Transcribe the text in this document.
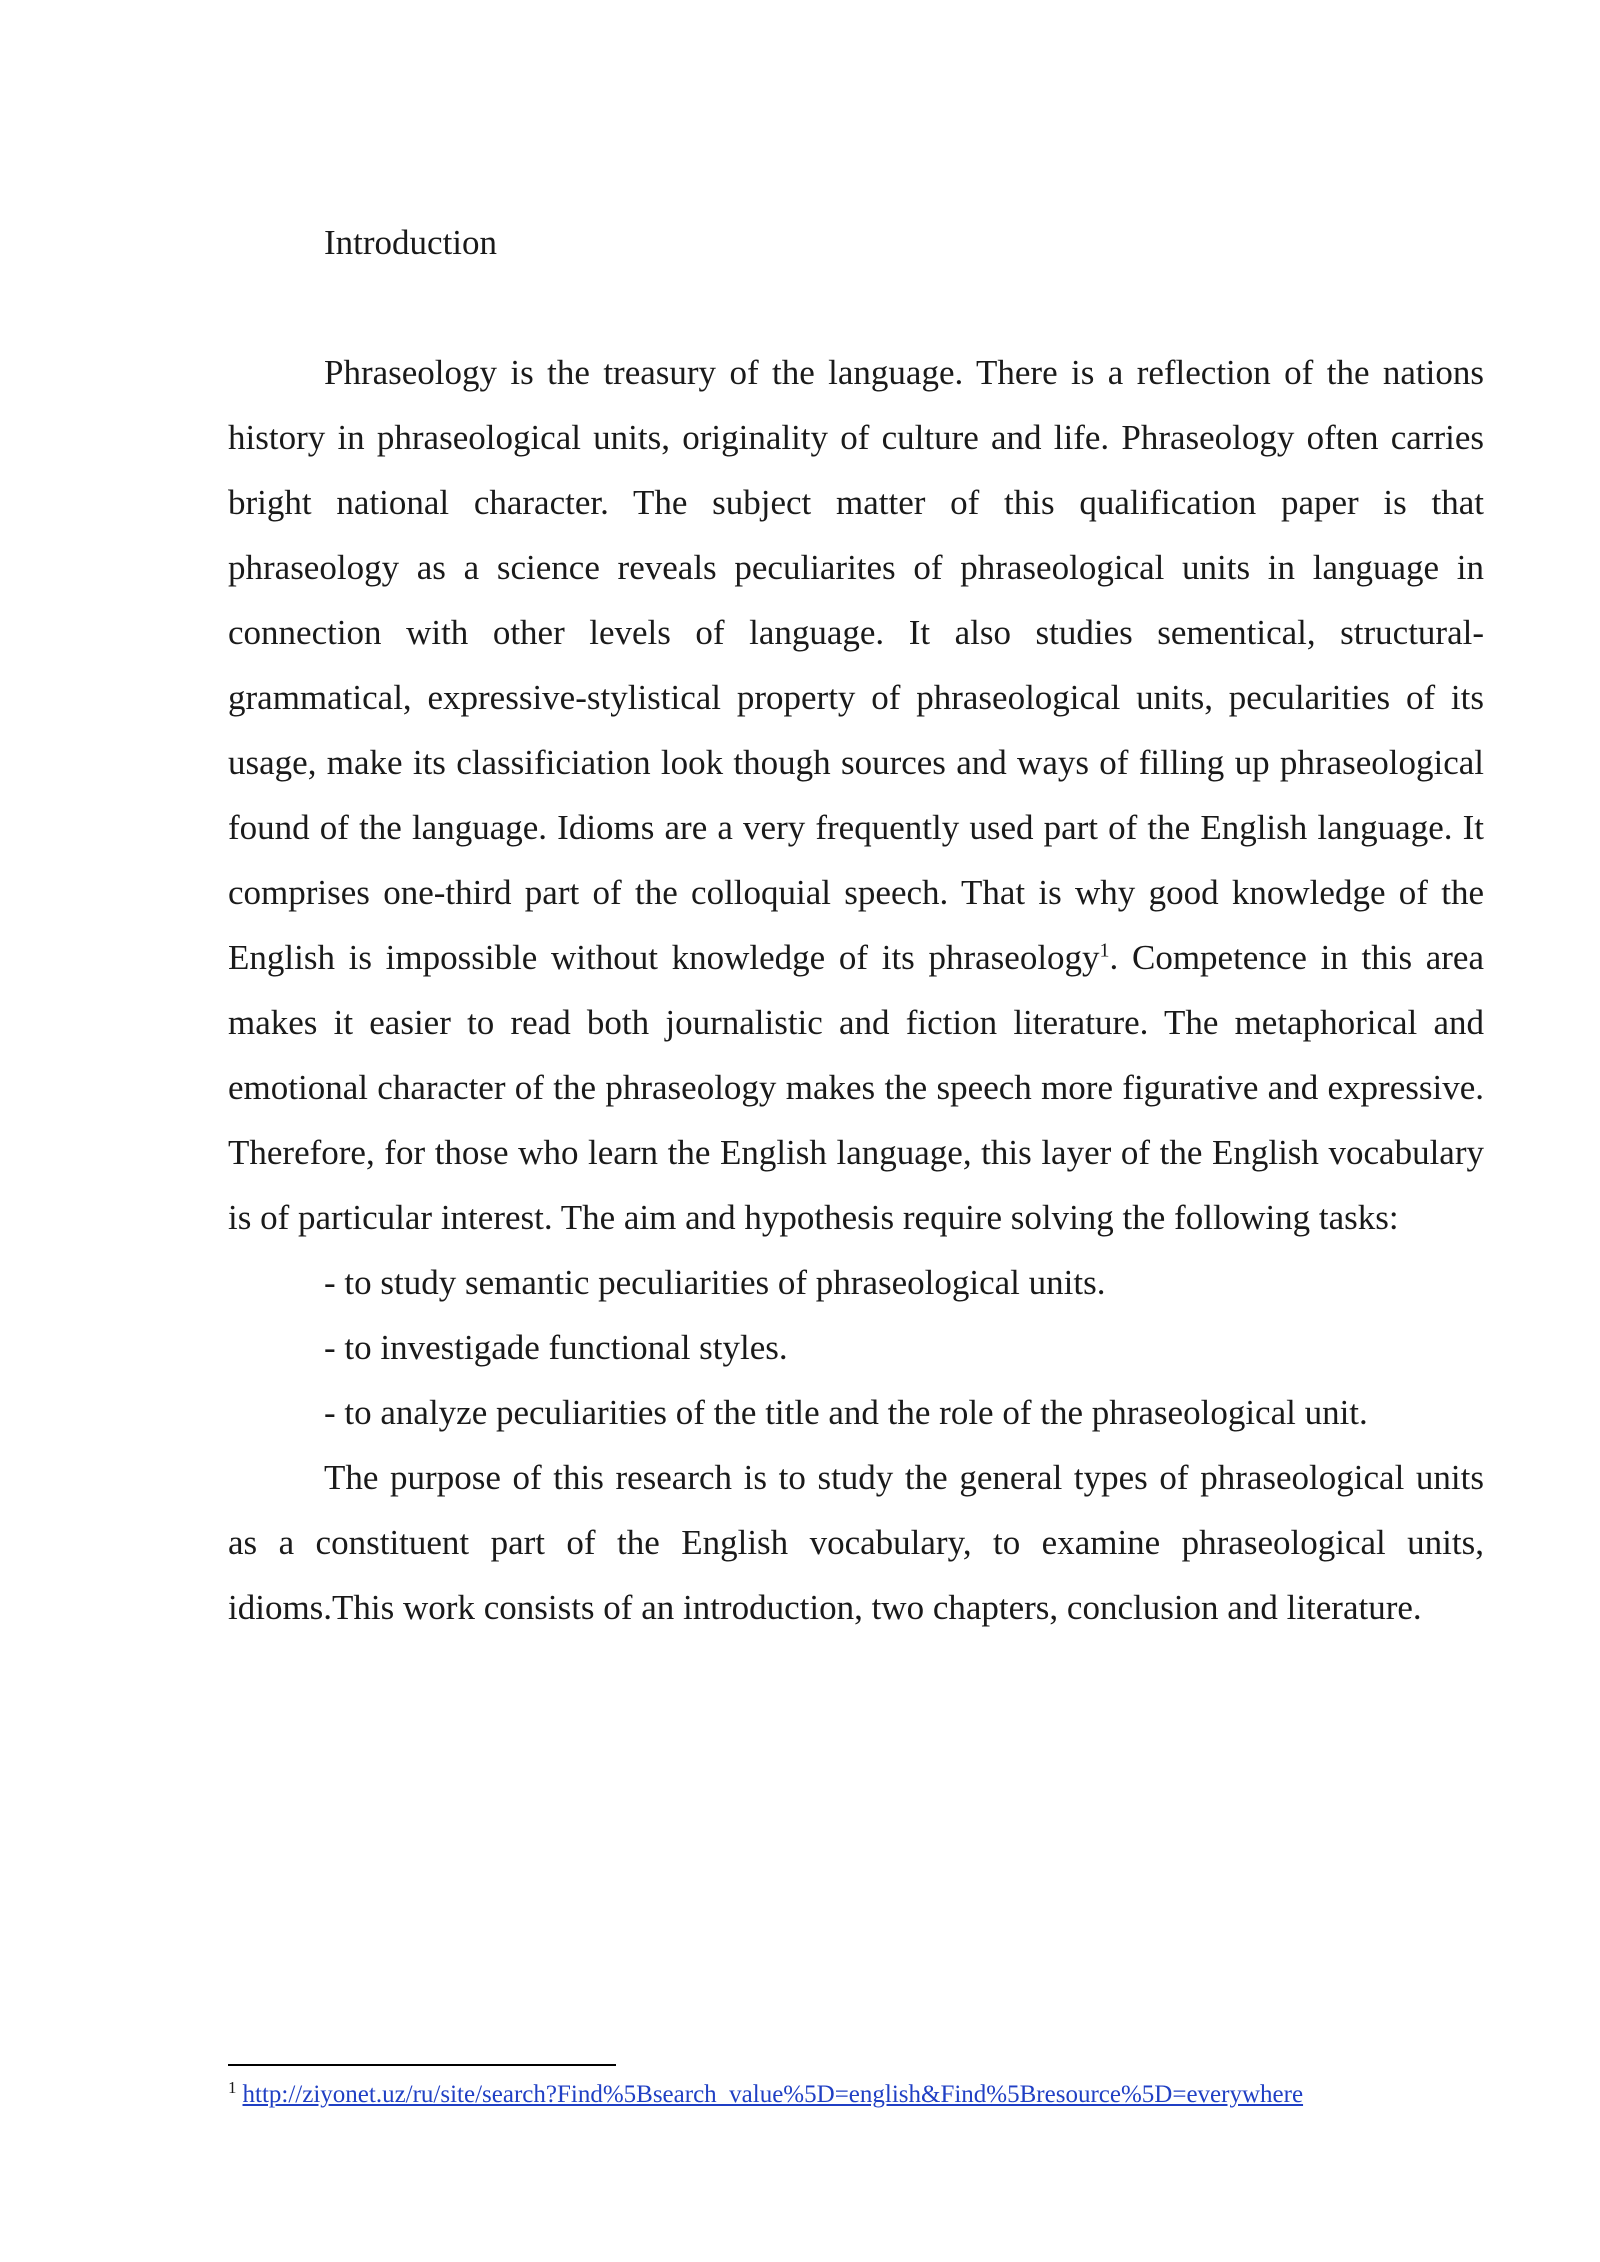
Introduction

Phraseology is the treasury of the language. There is a reflection of the nations history in phraseological units, originality of culture and life. Phraseology often carries bright national character. The subject matter of this qualification paper is that phraseology as a science reveals peculiarites of phraseological units in language in connection with other levels of language. It also studies sementical, structural-grammatical, expressive-stylistical property of phraseological units, pecularities of its usage, make its classificiation look though sources and ways of filling up phraseological found of the language. Idioms are a very frequently used part of the English language. It comprises one-third part of the colloquial speech. That is why good knowledge of the English is impossible without knowledge of its phraseology$^1$. Competence in this area makes it easier to read both journalistic and fiction literature. The metaphorical and emotional character of the phraseology makes the speech more figurative and expressive. Therefore, for those who learn the English language, this layer of the English vocabulary is of particular interest. The aim and hypothesis require solving the following tasks:

- to study semantic peculiarities of phraseological units.

- to investigade functional styles.

- to analyze peculiarities of the title and the role of the phraseological unit.

The purpose of this research is to study the general types of phraseological units as a constituent part of the English vocabulary, to examine phraseological units, idioms.This work consists of an introduction, two chapters, conclusion and literature.

$^1$ http://ziyonet.uz/ru/site/search?Find%5Bsearch_value%5D=english&Find%5Bresource%5D=everywhere
